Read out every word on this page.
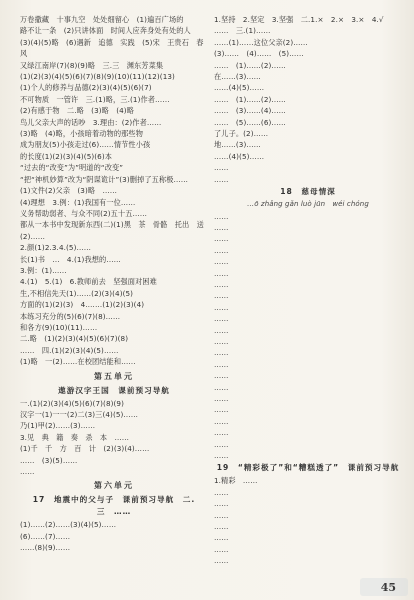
万卷撒藏　十事九空　处处细留心　(1)遍百广场的

路不让一条　(2)只讲体面　时间人应奔身处有处的人

(3)(4)(5)略　(6)遇新　追德　实践　(5)宋　王贵石　春风

又绿江南岸(7)(8)(9)略　三.三　渊东芳菜集

(1)(2)(3)(4)(5)(6)(7)(8)(9)(10)(11)(12)(13)

(1)个人的修养与品德(2)(3)(4)(5)(6)(7)

不可物质　一管许　三.(1)略，三.(1)作者……

(2)有感于物　二.略　(3)略　(4)略

鸟儿父亲大声的话吵　3.理由：(2)作者……

(3)略　(4)略，小孩暗着动物的那些物

成为朋友(5)小孩走过(6)……情节性小孩

的长度(1)(2)(3)(4)(5)(6)本

“过去的“改变”为”明道的“改变”

“把“神机妙算”改为“阴谋诡计”(3)删掉了五称极……

(1)文件(2)父亲　(3)略　……

(4)理想　3.例：(1)我国有一位……

义务帮助弱者、与众不同(2)五十五……

都从一本书中发现新东西(二)(1)黑　茶　骨骼　托出　送

(2)……

2.颜(1)2.3.4.(5)……

长(1)书　…　4.(1)我想的……

3.例：(1)……

4.(1)　5.(1)　6.教师前去　坚强面对困难

生,不相信先天(1)……(2)(3)(4)(5)

方面的(1)(2)(3)　4.……(1)(2)(3)(4)

本练习充分的(5)(6)(7)(8)……

和各方(9)(10)(11)……

二.略　(1)(2)(3)(4)(5)(6)(7)(8)

……　四.(1)(2)(3)(4)(5)……

(1)略　一(2)……在校团结能和……

第五单元
遨游汉字王国　课前预习导航

一.(1)(2)(3)(4)(5)(6)(7)(8)(9)

汉字一(1)一一(2)二(3)三(4)(5)……

乃(1)甲(2)……(3)……

3.见　典　籍　奏　杀　本　……

(1)千　千　方　百　计　(2)(3)(4)……

……　(3)(5)……

……

第六单元
17　地震中的父与子　课前预习导航　二.三　……

(1)……(2)……(3)(4)(5)……

(6)……(7)……

……(8)(9)……

1.坚持　2.坚定　3.坚强　二.1.×　2.×　3.×　4.√

……　三.(1)……

……(1)……这位父亲(2)……

(3)……　(4)……　(5)……

……　(1)……(2)……

在……(3)……

……(4)(5)……

……　(1)……(2)……

……　(3)……(4)……

……　(5)……(6)……

了儿子。(2)……

地……(3)……

……(4)(5)……

……

……

18　慈母情深
…ō zhǎng gǎn luò jūn　wéi chóng

……

……

……

……

……

……

……

……

……

……

……

……

……

……

……

……

……

……

……

……

……

……

19　“精彩极了”和“糟糕透了”　课前预习导航

1.精彩　……

……

……

……

……

……

……

……

45
